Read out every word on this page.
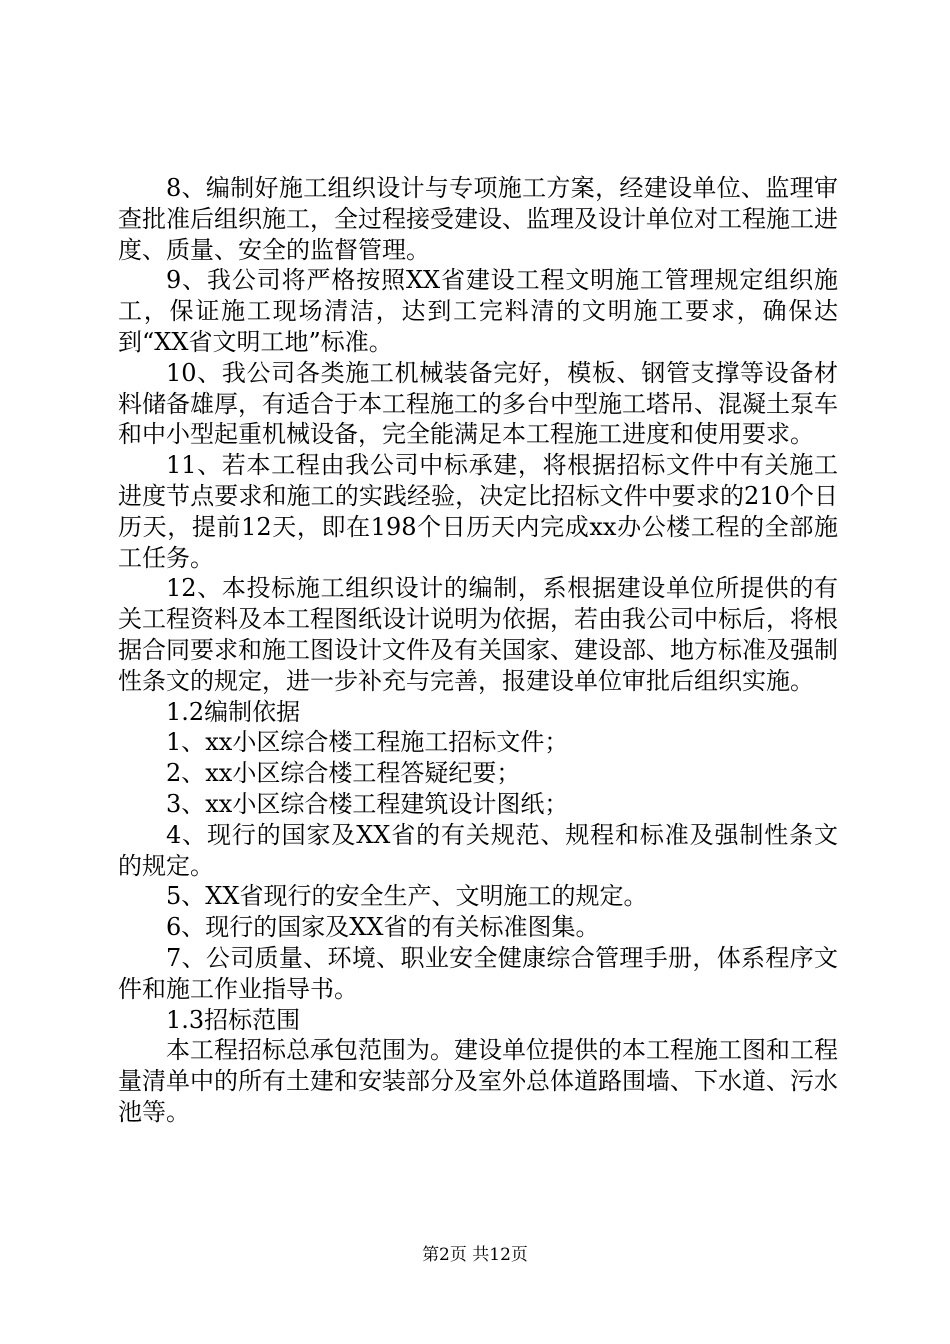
8、编制好施工组织设计与专项施工方案，经建设单位、监理审查批准后组织施工，全过程接受建设、监理及设计单位对工程施工进度、质量、安全的监督管理。

9、我公司将严格按照XX省建设工程文明施工管理规定组织施工，保证施工现场清洁，达到工完料清的文明施工要求，确保达到“XX省文明工地”标准。

10、我公司各类施工机械装备完好，模板、钢管支撑等设备材料储备雄厚，有适合于本工程施工的多台中型施工塔吊、混凝土泵车和中小型起重机械设备，完全能满足本工程施工进度和使用要求。

11、若本工程由我公司中标承建，将根据招标文件中有关施工进度节点要求和施工的实践经验，决定比招标文件中要求的210个日历天，提前12天，即在198个日历天内完成xx办公楼工程的全部施工任务。

12、本投标施工组织设计的编制，系根据建设单位所提供的有关工程资料及本工程图纸设计说明为依据，若由我公司中标后，将根据合同要求和施工图设计文件及有关国家、建设部、地方标准及强制性条文的规定，进一步补充与完善，报建设单位审批后组织实施。

1.2编制依据

1、xx小区综合楼工程施工招标文件；

2、xx小区综合楼工程答疑纪要；

3、xx小区综合楼工程建筑设计图纸；

4、现行的国家及XX省的有关规范、规程和标准及强制性条文的规定。

5、XX省现行的安全生产、文明施工的规定。

6、现行的国家及XX省的有关标准图集。

7、公司质量、环境、职业安全健康综合管理手册，体系程序文件和施工作业指导书。

1.3招标范围

本工程招标总承包范围为。建设单位提供的本工程施工图和工程量清单中的所有土建和安装部分及室外总体道路围墙、下水道、污水池等。

第2页 共12页
